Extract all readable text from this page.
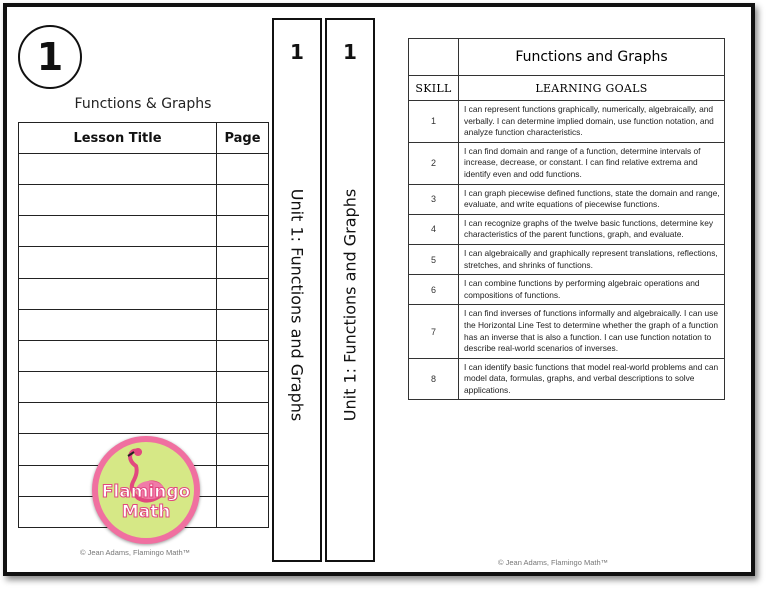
1
Functions & Graphs
Lesson Title	Page

Flamingo
Math
© Jean Adams, Flamingo Math™
1
Unit 1: Functions and Graphs
1
Unit 1: Functions and Graphs
	Functions and Graphs
SKILL	LEARNING GOALS
1	I can represent functions graphically, numerically, algebraically, and verbally. I can determine implied domain, use function notation, and analyze function characteristics.
2	I can find domain and range of a function, determine intervals of increase, decrease, or constant. I can find relative extrema and identify even and odd functions.
3	I can graph piecewise defined functions, state the domain and range, evaluate, and write equations of piecewise functions.
4	I can recognize graphs of the twelve basic functions, determine key characteristics of the parent functions, graph, and evaluate.
5	I can algebraically and graphically represent translations, reflections, stretches, and shrinks of functions.
6	I can combine functions by performing algebraic operations and compositions of functions.
7	I can find inverses of functions informally and algebraically. I can use the Horizontal Line Test to determine whether the graph of a function has an inverse that is also a function. I can use function notation to describe real-world scenarios of inverses.
8	I can identify basic functions that model real-world problems and can model data, formulas, graphs, and verbal descriptions to solve applications.
© Jean Adams, Flamingo Math™
